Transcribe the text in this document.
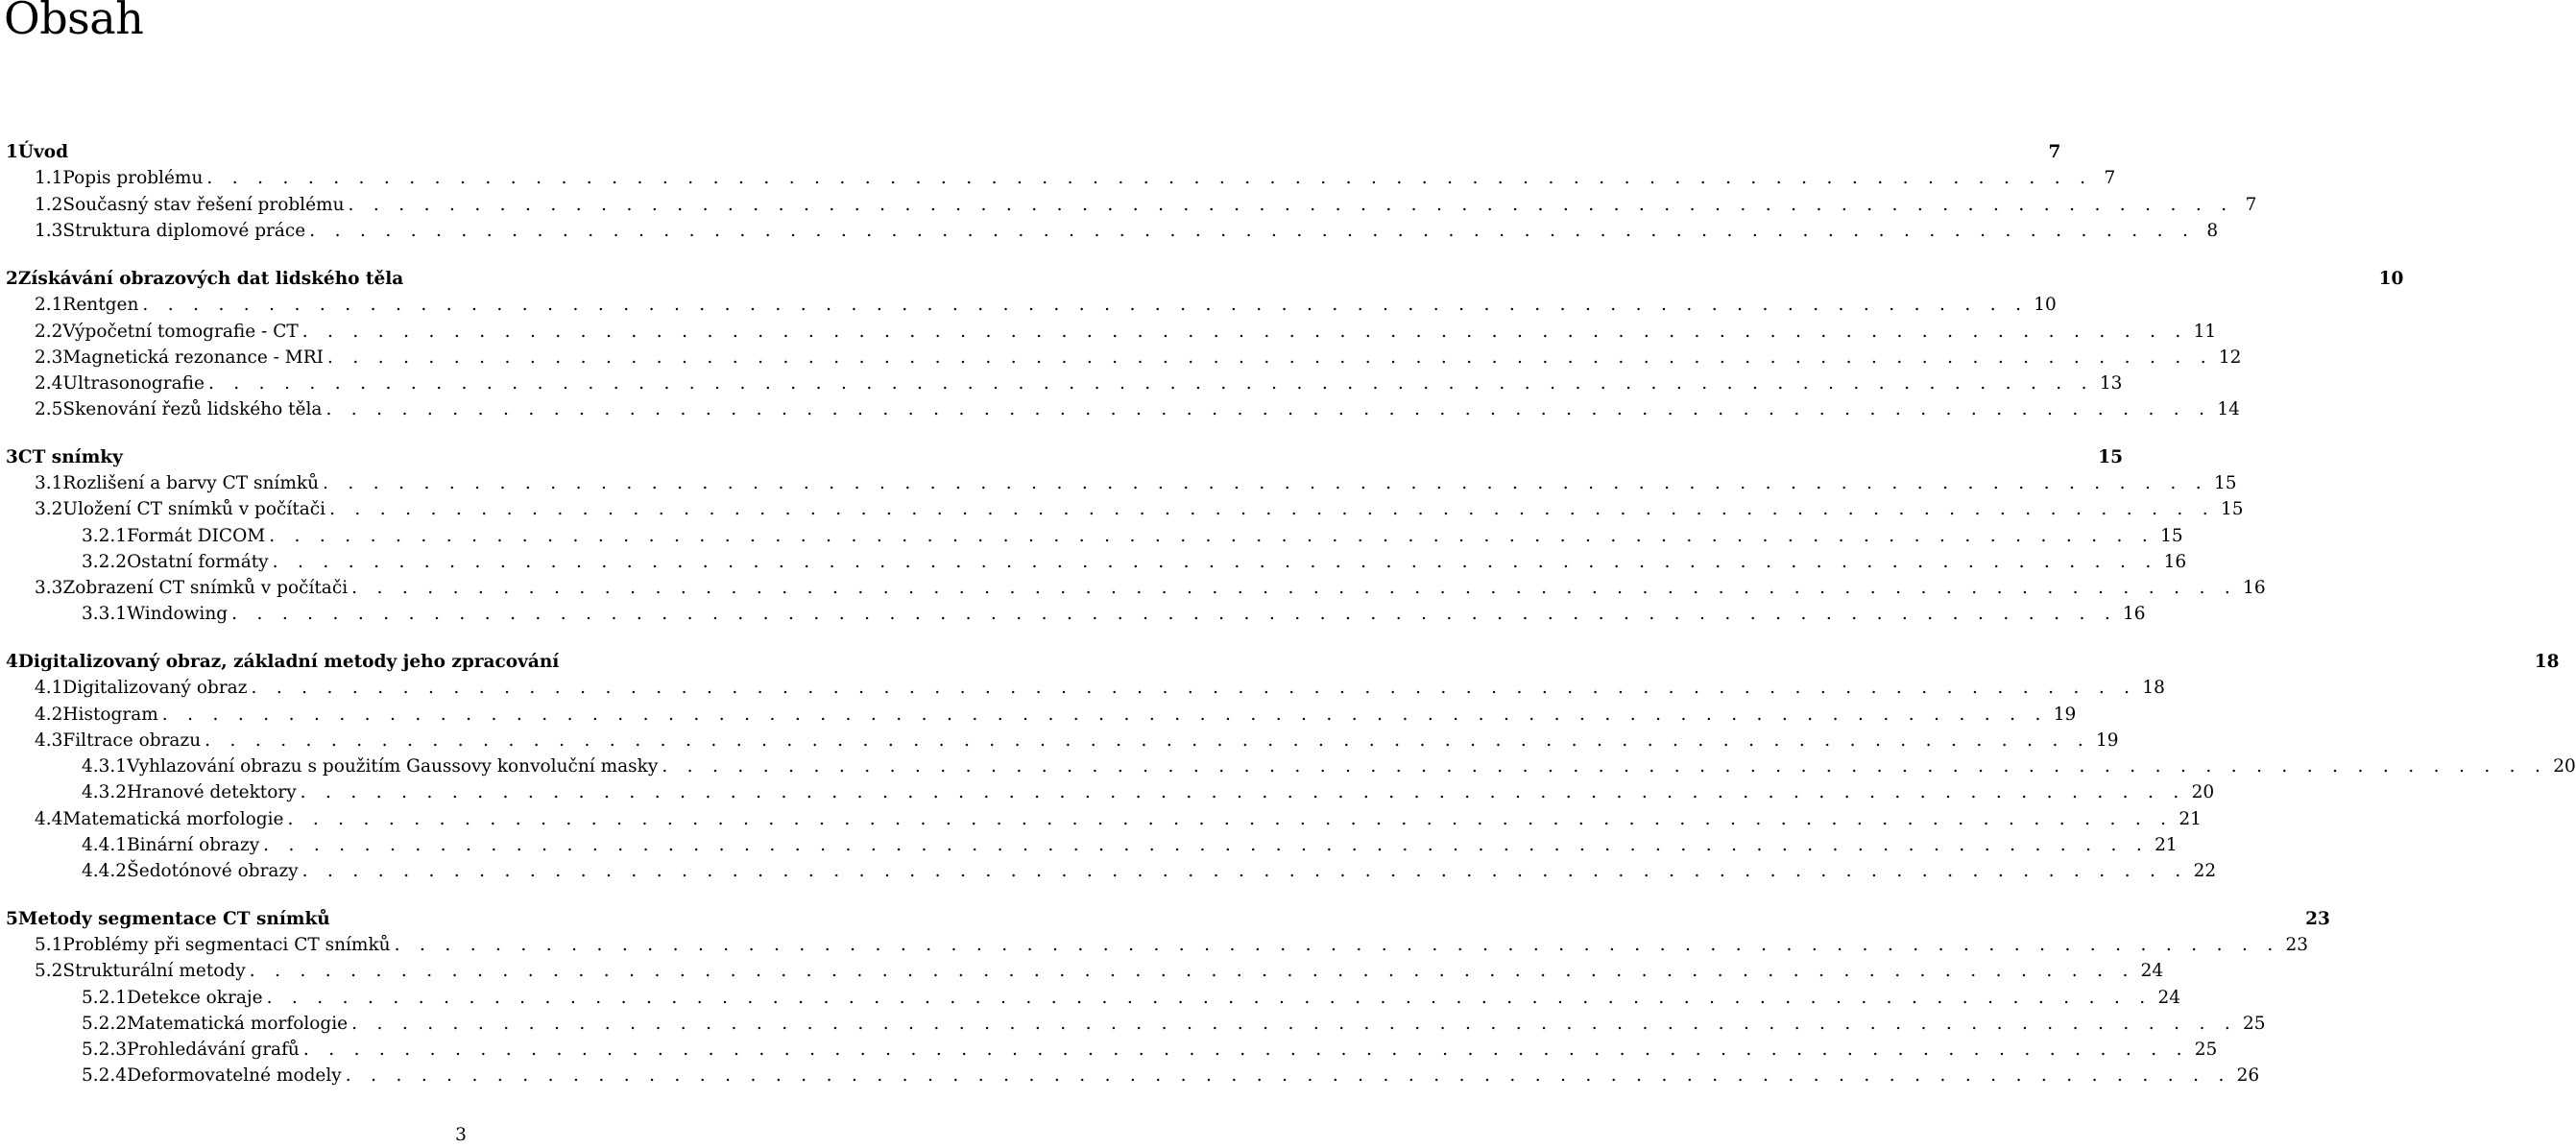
Obsah
1 Úvod	7
1.1 Popis problému . . . . . . . . . . . . . . . . . . . . . . . . . . . . . . . . . . . . . . . . . . . . . . . . . . . . . . . . . . . . . . . . . . . . . . . . . . . 7
1.2 Současný stav řešení problému . . . . . . . . . . . . . . . . . . . . . . . . . . . . . . . . . . . . . . . . . . . . . . . . . . . . . . . . . . . . . . . . . . . . . . . . . . . 7
1.3 Struktura diplomové práce . . . . . . . . . . . . . . . . . . . . . . . . . . . . . . . . . . . . . . . . . . . . . . . . . . . . . . . . . . . . . . . . . . . . . . . . . . . 8
2 Získávání obrazových dat lidského těla	10
2.1 Rentgen . . . . . . . . . . . . . . . . . . . . . . . . . . . . . . . . . . . . . . . . . . . . . . . . . . . . . . . . . . . . . . . . . . . . . . . . . . . 10
2.2 Výpočetní tomografie - CT . . . . . . . . . . . . . . . . . . . . . . . . . . . . . . . . . . . . . . . . . . . . . . . . . . . . . . . . . . . . . . . . . . . . . . . . . . . 11
2.3 Magnetická rezonance - MRI . . . . . . . . . . . . . . . . . . . . . . . . . . . . . . . . . . . . . . . . . . . . . . . . . . . . . . . . . . . . . . . . . . . . . . . . . . . 12
2.4 Ultrasonografie . . . . . . . . . . . . . . . . . . . . . . . . . . . . . . . . . . . . . . . . . . . . . . . . . . . . . . . . . . . . . . . . . . . . . . . . . . . 13
2.5 Skenování řezů lidského těla . . . . . . . . . . . . . . . . . . . . . . . . . . . . . . . . . . . . . . . . . . . . . . . . . . . . . . . . . . . . . . . . . . . . . . . . . . . 14
3 CT snímky	15
3.1 Rozlišení a barvy CT snímků . . . . . . . . . . . . . . . . . . . . . . . . . . . . . . . . . . . . . . . . . . . . . . . . . . . . . . . . . . . . . . . . . . . . . . . . . . . 15
3.2 Uložení CT snímků v počítači . . . . . . . . . . . . . . . . . . . . . . . . . . . . . . . . . . . . . . . . . . . . . . . . . . . . . . . . . . . . . . . . . . . . . . . . . . . 15
3.2.1 Formát DICOM . . . . . . . . . . . . . . . . . . . . . . . . . . . . . . . . . . . . . . . . . . . . . . . . . . . . . . . . . . . . . . . . . . . . . . . . . . . 15
3.2.2 Ostatní formáty . . . . . . . . . . . . . . . . . . . . . . . . . . . . . . . . . . . . . . . . . . . . . . . . . . . . . . . . . . . . . . . . . . . . . . . . . . . 16
3.3 Zobrazení CT snímků v počítači . . . . . . . . . . . . . . . . . . . . . . . . . . . . . . . . . . . . . . . . . . . . . . . . . . . . . . . . . . . . . . . . . . . . . . . . . . . 16
3.3.1 Windowing . . . . . . . . . . . . . . . . . . . . . . . . . . . . . . . . . . . . . . . . . . . . . . . . . . . . . . . . . . . . . . . . . . . . . . . . . . . 16
4 Digitalizovaný obraz, základní metody jeho zpracování	18
4.1 Digitalizovaný obraz . . . . . . . . . . . . . . . . . . . . . . . . . . . . . . . . . . . . . . . . . . . . . . . . . . . . . . . . . . . . . . . . . . . . . . . . . . . 18
4.2 Histogram . . . . . . . . . . . . . . . . . . . . . . . . . . . . . . . . . . . . . . . . . . . . . . . . . . . . . . . . . . . . . . . . . . . . . . . . . . . 19
4.3 Filtrace obrazu . . . . . . . . . . . . . . . . . . . . . . . . . . . . . . . . . . . . . . . . . . . . . . . . . . . . . . . . . . . . . . . . . . . . . . . . . . . 19
4.3.1 Vyhlazování obrazu s použitím Gaussovy konvoluční masky . . . . . . . . . . . . . . . . . . . . . . . . . . . . . . . . . . . . . . . . . . . . . . . . . . . . . . . . . . . . . . . . . . . . . . . . . . . 20
4.3.2 Hranové detektory . . . . . . . . . . . . . . . . . . . . . . . . . . . . . . . . . . . . . . . . . . . . . . . . . . . . . . . . . . . . . . . . . . . . . . . . . . . 20
4.4 Matematická morfologie . . . . . . . . . . . . . . . . . . . . . . . . . . . . . . . . . . . . . . . . . . . . . . . . . . . . . . . . . . . . . . . . . . . . . . . . . . . 21
4.4.1 Binární obrazy . . . . . . . . . . . . . . . . . . . . . . . . . . . . . . . . . . . . . . . . . . . . . . . . . . . . . . . . . . . . . . . . . . . . . . . . . . . 21
4.4.2 Šedotónové obrazy . . . . . . . . . . . . . . . . . . . . . . . . . . . . . . . . . . . . . . . . . . . . . . . . . . . . . . . . . . . . . . . . . . . . . . . . . . . 22
5 Metody segmentace CT snímků	23
5.1 Problémy při segmentaci CT snímků . . . . . . . . . . . . . . . . . . . . . . . . . . . . . . . . . . . . . . . . . . . . . . . . . . . . . . . . . . . . . . . . . . . . . . . . . . . 23
5.2 Strukturální metody . . . . . . . . . . . . . . . . . . . . . . . . . . . . . . . . . . . . . . . . . . . . . . . . . . . . . . . . . . . . . . . . . . . . . . . . . . . 24
5.2.1 Detekce okraje . . . . . . . . . . . . . . . . . . . . . . . . . . . . . . . . . . . . . . . . . . . . . . . . . . . . . . . . . . . . . . . . . . . . . . . . . . . 24
5.2.2 Matematická morfologie . . . . . . . . . . . . . . . . . . . . . . . . . . . . . . . . . . . . . . . . . . . . . . . . . . . . . . . . . . . . . . . . . . . . . . . . . . . 25
5.2.3 Prohledávání grafů . . . . . . . . . . . . . . . . . . . . . . . . . . . . . . . . . . . . . . . . . . . . . . . . . . . . . . . . . . . . . . . . . . . . . . . . . . . 25
5.2.4 Deformovatelné modely . . . . . . . . . . . . . . . . . . . . . . . . . . . . . . . . . . . . . . . . . . . . . . . . . . . . . . . . . . . . . . . . . . . . . . . . . . . 26
3
